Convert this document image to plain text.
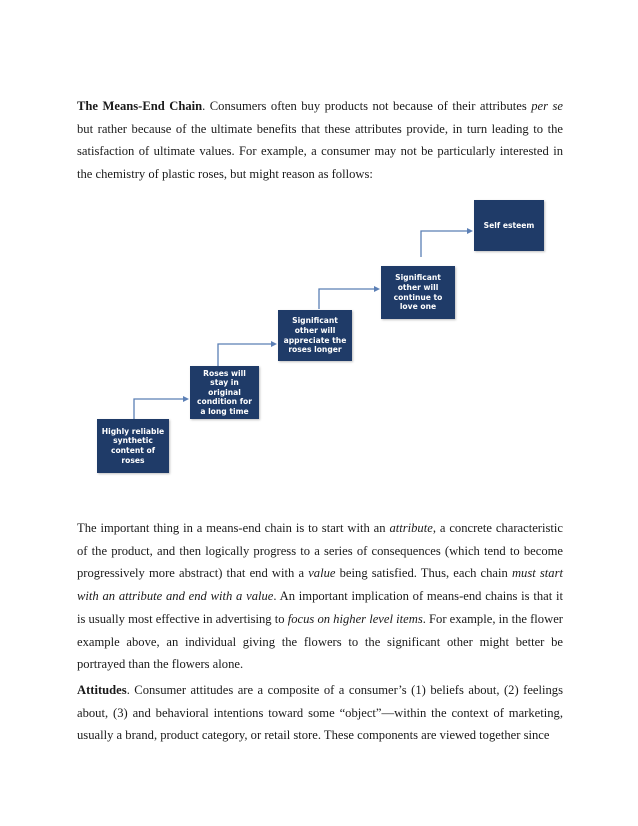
The Means-End Chain. Consumers often buy products not because of their attributes per se but rather because of the ultimate benefits that these attributes provide, in turn leading to the satisfaction of ultimate values. For example, a consumer may not be particularly interested in the chemistry of plastic roses, but might reason as follows:

Highly reliable synthetic content of roses
Roses will stay in original condition for a long time
Significant other will appreciate the roses longer
Significant other will continue to love one
Self esteem

The important thing in a means-end chain is to start with an attribute, a concrete characteristic of the product, and then logically progress to a series of consequences (which tend to become progressively more abstract) that end with a value being satisfied. Thus, each chain must start with an attribute and end with a value. An important implication of means-end chains is that it is usually most effective in advertising to focus on higher level items. For example, in the flower example above, an individual giving the flowers to the significant other might better be portrayed than the flowers alone.

Attitudes. Consumer attitudes are a composite of a consumer’s (1) beliefs about, (2) feelings about, (3) and behavioral intentions toward some “object”—within the context of marketing, usually a brand, product category, or retail store. These components are viewed together since
